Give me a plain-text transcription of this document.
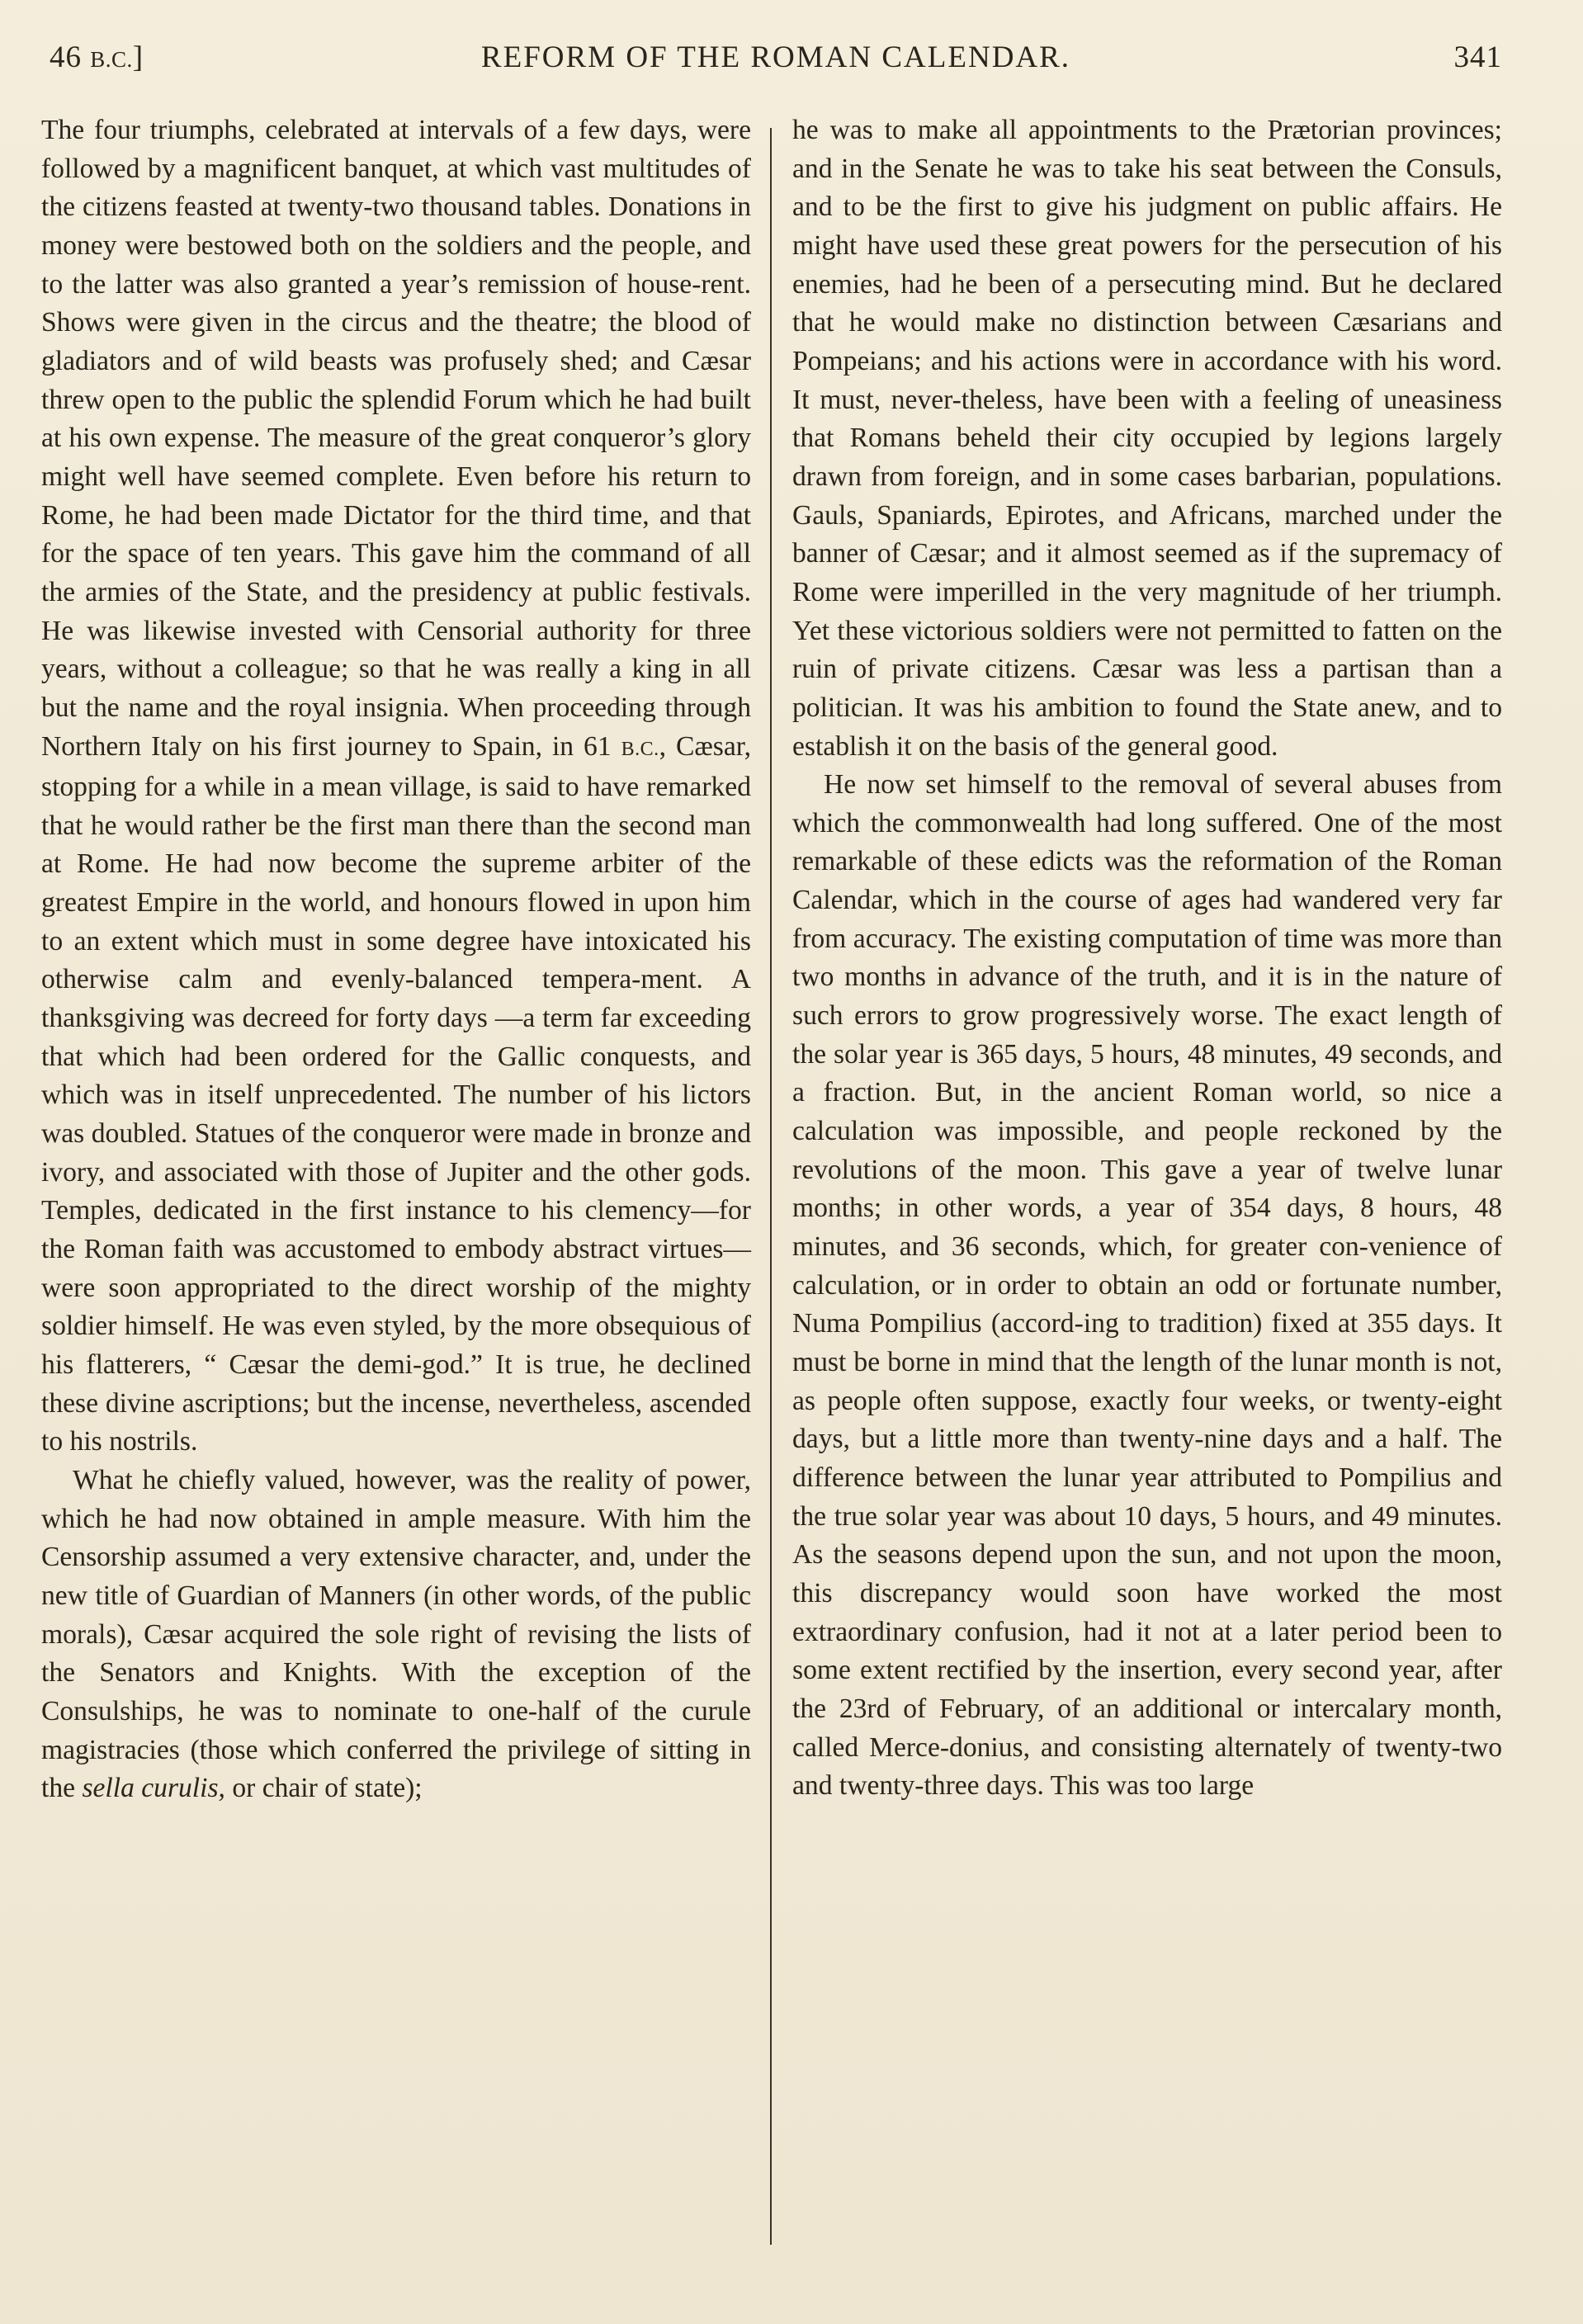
46 B.C.]	REFORM OF THE ROMAN CALENDAR.	341

The four triumphs, celebrated at intervals of a few days, were followed by a magnificent banquet, at which vast multitudes of the citizens feasted at twenty-two thousand tables. Donations in money were bestowed both on the soldiers and the people, and to the latter was also granted a year’s remission of house-rent. Shows were given in the circus and the theatre; the blood of gladiators and of wild beasts was profusely shed; and Cæsar threw open to the public the splendid Forum which he had built at his own expense. The measure of the great conqueror’s glory might well have seemed complete. Even before his return to Rome, he had been made Dictator for the third time, and that for the space of ten years. This gave him the command of all the armies of the State, and the presidency at public festivals. He was likewise invested with Censorial authority for three years, without a colleague; so that he was really a king in all but the name and the royal insignia. When proceeding through Northern Italy on his first journey to Spain, in 61 B.C., Cæsar, stopping for a while in a mean village, is said to have remarked that he would rather be the first man there than the second man at Rome. He had now become the supreme arbiter of the greatest Empire in the world, and honours flowed in upon him to an extent which must in some degree have intoxicated his otherwise calm and evenly-balanced tempera-ment. A thanksgiving was decreed for forty days —a term far exceeding that which had been ordered for the Gallic conquests, and which was in itself unprecedented. The number of his lictors was doubled. Statues of the conqueror were made in bronze and ivory, and associated with those of Jupiter and the other gods. Temples, dedicated in the first instance to his clemency—for the Roman faith was accustomed to embody abstract virtues—were soon appropriated to the direct worship of the mighty soldier himself. He was even styled, by the more obsequious of his flatterers, “ Cæsar the demi-god.” It is true, he declined these divine ascriptions; but the incense, nevertheless, ascended to his nostrils.

What he chiefly valued, however, was the reality of power, which he had now obtained in ample measure. With him the Censorship assumed a very extensive character, and, under the new title of Guardian of Manners (in other words, of the public morals), Cæsar acquired the sole right of revising the lists of the Senators and Knights. With the exception of the Consulships, he was to nominate to one-half of the curule magistracies (those which conferred the privilege of sitting in the sella curulis, or chair of state);

he was to make all appointments to the Prætorian provinces; and in the Senate he was to take his seat between the Consuls, and to be the first to give his judgment on public affairs. He might have used these great powers for the persecution of his enemies, had he been of a persecuting mind. But he declared that he would make no distinction between Cæsarians and Pompeians; and his actions were in accordance with his word. It must, never-theless, have been with a feeling of uneasiness that Romans beheld their city occupied by legions largely drawn from foreign, and in some cases barbarian, populations. Gauls, Spaniards, Epirotes, and Africans, marched under the banner of Cæsar; and it almost seemed as if the supremacy of Rome were imperilled in the very magnitude of her triumph. Yet these victorious soldiers were not permitted to fatten on the ruin of private citizens. Cæsar was less a partisan than a politician. It was his ambition to found the State anew, and to establish it on the basis of the general good.

He now set himself to the removal of several abuses from which the commonwealth had long suffered. One of the most remarkable of these edicts was the reformation of the Roman Calendar, which in the course of ages had wandered very far from accuracy. The existing computation of time was more than two months in advance of the truth, and it is in the nature of such errors to grow progressively worse. The exact length of the solar year is 365 days, 5 hours, 48 minutes, 49 seconds, and a fraction. But, in the ancient Roman world, so nice a calculation was impossible, and people reckoned by the revolutions of the moon. This gave a year of twelve lunar months; in other words, a year of 354 days, 8 hours, 48 minutes, and 36 seconds, which, for greater con-venience of calculation, or in order to obtain an odd or fortunate number, Numa Pompilius (accord-ing to tradition) fixed at 355 days. It must be borne in mind that the length of the lunar month is not, as people often suppose, exactly four weeks, or twenty-eight days, but a little more than twenty-nine days and a half. The difference between the lunar year attributed to Pompilius and the true solar year was about 10 days, 5 hours, and 49 minutes. As the seasons depend upon the sun, and not upon the moon, this discrepancy would soon have worked the most extraordinary confusion, had it not at a later period been to some extent rectified by the insertion, every second year, after the 23rd of February, of an additional or intercalary month, called Merce-donius, and consisting alternately of twenty-two and twenty-three days. This was too large
